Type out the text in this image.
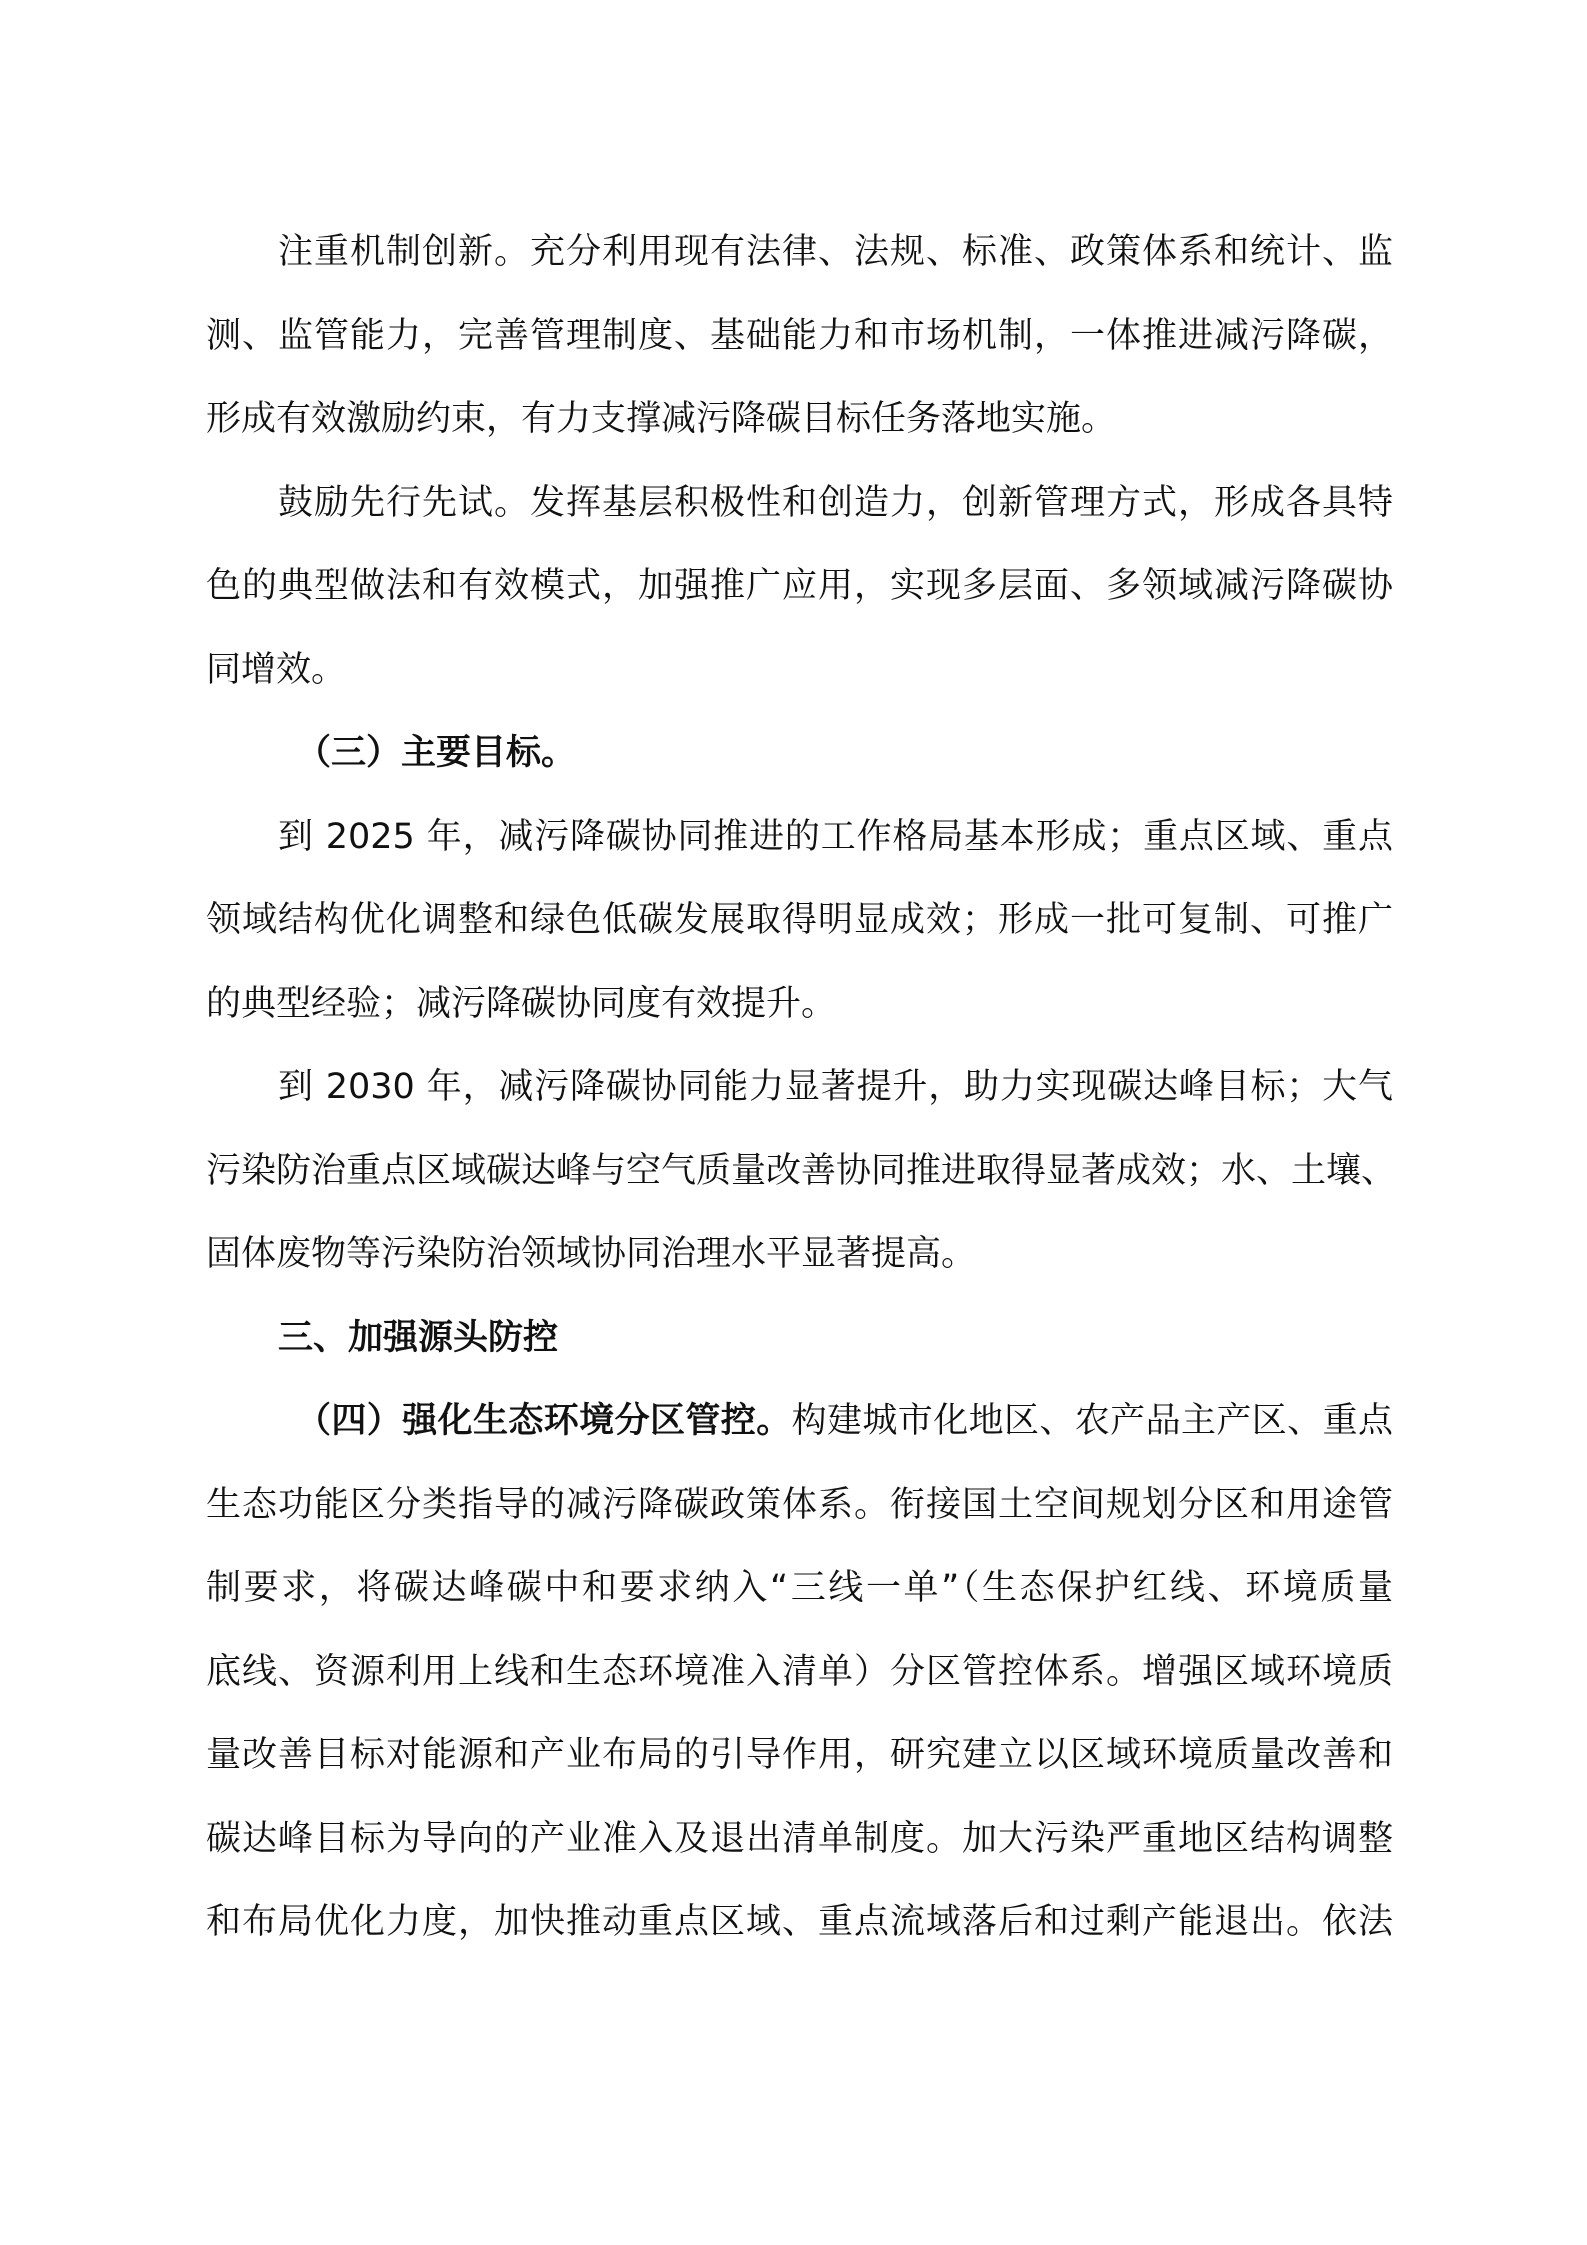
注重机制创新。充分利用现有法律、法规、标准、政策体系和统计、监
测、监管能力，完善管理制度、基础能力和市场机制，一体推进减污降碳，
形成有效激励约束，有力支撑减污降碳目标任务落地实施。
鼓励先行先试。发挥基层积极性和创造力，创新管理方式，形成各具特
色的典型做法和有效模式，加强推广应用，实现多层面、多领域减污降碳协
同增效。
（三）主要目标。
到 2025 年，减污降碳协同推进的工作格局基本形成；重点区域、重点
领域结构优化调整和绿色低碳发展取得明显成效；形成一批可复制、可推广
的典型经验；减污降碳协同度有效提升。
到 2030 年，减污降碳协同能力显著提升，助力实现碳达峰目标；大气
污染防治重点区域碳达峰与空气质量改善协同推进取得显著成效；水、土壤、
固体废物等污染防治领域协同治理水平显著提高。
三、加强源头防控
（四）强化生态环境分区管控。构建城市化地区、农产品主产区、重点
生态功能区分类指导的减污降碳政策体系。衔接国土空间规划分区和用途管
制要求，将碳达峰碳中和要求纳入“三线一单”（生态保护红线、环境质量
底线、资源利用上线和生态环境准入清单）分区管控体系。增强区域环境质
量改善目标对能源和产业布局的引导作用，研究建立以区域环境质量改善和
碳达峰目标为导向的产业准入及退出清单制度。加大污染严重地区结构调整
和布局优化力度，加快推动重点区域、重点流域落后和过剩产能退出。依法
